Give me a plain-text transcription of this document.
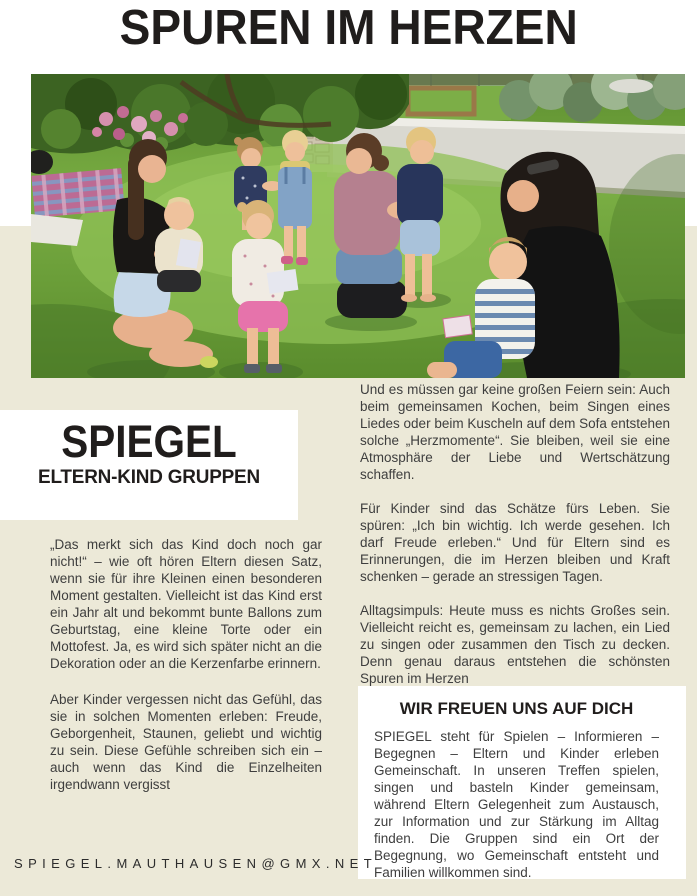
SPUREN IM HERZEN
SPIEGEL
ELTERN-KIND GRUPPEN

„Das merkt sich das Kind doch noch gar nicht!“ – wie oft hören Eltern diesen Satz, wenn sie für ihre Kleinen einen besonderen Moment gestalten. Vielleicht ist das Kind erst ein Jahr alt und bekommt bunte Ballons zum Geburtstag, eine kleine Torte oder ein Mottofest. Ja, es wird sich später nicht an die Dekoration oder an die Kerzenfarbe erinnern.

Aber Kinder vergessen nicht das Gefühl, das sie in solchen Momenten erleben: Freude, Geborgenheit, Staunen, geliebt und wichtig zu sein. Diese Gefühle schreiben sich ein – auch wenn das Kind die Einzelheiten irgendwann vergisst

Und es müssen gar keine großen Feiern sein: Auch beim gemeinsamen Kochen, beim Singen eines Liedes oder beim Kuscheln auf dem Sofa entstehen solche „Herzmomente“. Sie bleiben, weil sie eine Atmosphäre der Liebe und Wertschätzung schaffen.

Für Kinder sind das Schätze fürs Leben. Sie spüren: „Ich bin wichtig. Ich werde gesehen. Ich darf Freude erleben.“ Und für Eltern sind es Erinnerungen, die im Herzen bleiben und Kraft schenken – gerade an stressigen Tagen.

Alltagsimpuls: Heute muss es nichts Großes sein. Vielleicht reicht es, gemeinsam zu lachen, ein Lied zu singen oder zusammen den Tisch zu decken. Denn genau daraus entstehen die schönsten Spuren im Herzen

WIR FREUEN UNS AUF DICH

SPIEGEL steht für Spielen – Informieren – Begegnen – Eltern und Kinder erleben Gemeinschaft. In unseren Treffen spielen, singen und basteln Kinder gemeinsam, während Eltern Gelegenheit zum Austausch, zur Information und zur Stärkung im Alltag finden. Die Gruppen sind ein Ort der Begegnung, wo Gemeinschaft entsteht und Familien willkommen sind.

SPIEGEL.MAUTHAUSEN@GMX.NET
